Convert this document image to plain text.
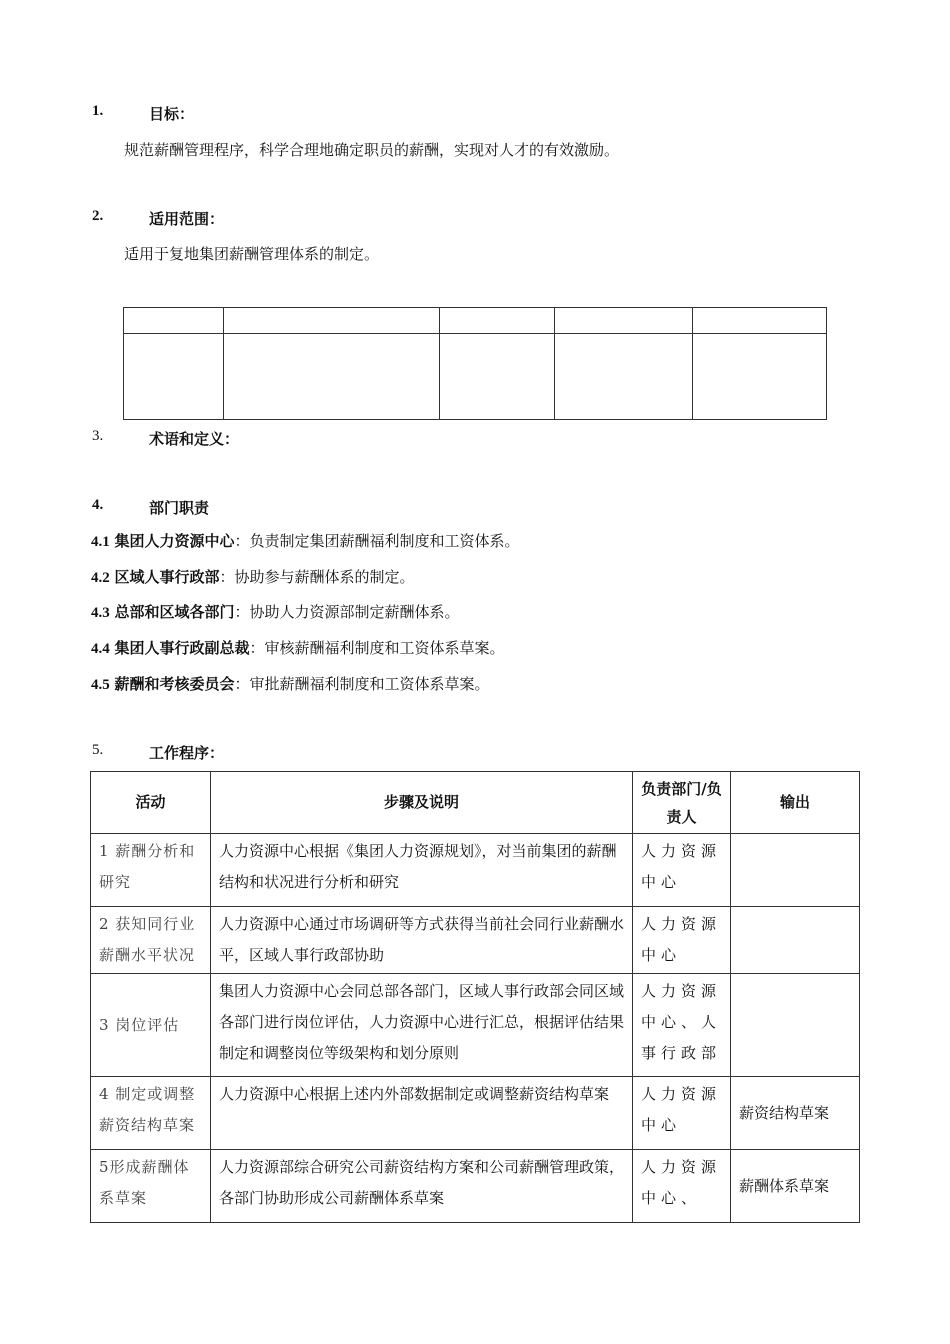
1.	目标：
规范薪酬管理程序，科学合理地确定职员的薪酬，实现对人才的有效激励。
2.	适用范围：
适用于复地集团薪酬管理体系的制定。

3.	术语和定义：
4.	部门职责
4.1 集团人力资源中心：负责制定集团薪酬福利制度和工资体系。
4.2 区域人事行政部：协助参与薪酬体系的制定。
4.3 总部和区域各部门：协助人力资源部制定薪酬体系。
4.4 集团人事行政副总裁：审核薪酬福利制度和工资体系草案。
4.5 薪酬和考核委员会：审批薪酬福利制度和工资体系草案。
5.	工作程序：
活动	步骤及说明	负责部门/负责人	输出
1 薪酬分析和研究	人力资源中心根据《集团人力资源规划》，对当前集团的薪酬结构和状况进行分析和研究	人力资源中心	
2 获知同行业薪酬水平状况	人力资源中心通过市场调研等方式获得当前社会同行业薪酬水平，区域人事行政部协助	人力资源中心	
3 岗位评估	集团人力资源中心会同总部各部门，区域人事行政部会同区域各部门进行岗位评估，人力资源中心进行汇总，根据评估结果制定和调整岗位等级架构和划分原则	人力资源中心、人事行政部	
4 制定或调整薪资结构草案	人力资源中心根据上述内外部数据制定或调整薪资结构草案	人力资源中心	薪资结构草案
5形成薪酬体系草案	人力资源部综合研究公司薪资结构方案和公司薪酬管理政策，各部门协助形成公司薪酬体系草案	人力资源中心、	薪酬体系草案
